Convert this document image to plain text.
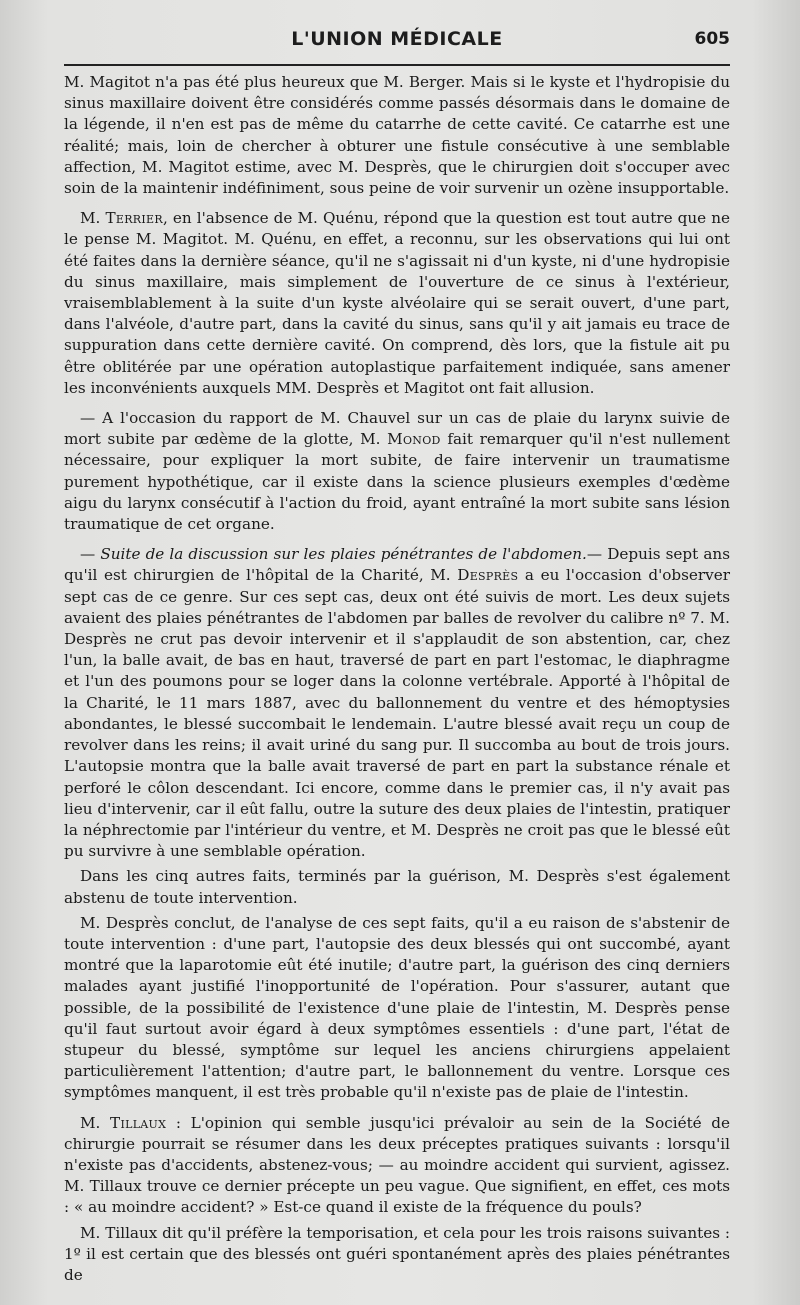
L'UNION MÉDICALE	605

M. Magitot n'a pas été plus heureux que M. Berger. Mais si le kyste et l'hydropisie du sinus maxillaire doivent être considérés comme passés désormais dans le domaine de la légende, il n'en est pas de même du catarrhe de cette cavité. Ce catarrhe est une réalité; mais, loin de chercher à obturer une fistule consécutive à une semblable affection, M. Magitot estime, avec M. Desprès, que le chirurgien doit s'occuper avec soin de la maintenir indéfiniment, sous peine de voir survenir un ozène insupportable.

M. Terrier, en l'absence de M. Quénu, répond que la question est tout autre que ne le pense M. Magitot. M. Quénu, en effet, a reconnu, sur les observations qui lui ont été faites dans la dernière séance, qu'il ne s'agissait ni d'un kyste, ni d'une hydropisie du sinus maxillaire, mais simplement de l'ouverture de ce sinus à l'extérieur, vraisemblablement à la suite d'un kyste alvéolaire qui se serait ouvert, d'une part, dans l'alvéole, d'autre part, dans la cavité du sinus, sans qu'il y ait jamais eu trace de suppuration dans cette dernière cavité. On comprend, dès lors, que la fistule ait pu être oblitérée par une opération autoplastique parfaitement indiquée, sans amener les inconvénients auxquels MM. Desprès et Magitot ont fait allusion.

— A l'occasion du rapport de M. Chauvel sur un cas de plaie du larynx suivie de mort subite par œdème de la glotte, M. Monod fait remarquer qu'il n'est nullement nécessaire, pour expliquer la mort subite, de faire intervenir un traumatisme purement hypothétique, car il existe dans la science plusieurs exemples d'œdème aigu du larynx consécutif à l'action du froid, ayant entraîné la mort subite sans lésion traumatique de cet organe.

— Suite de la discussion sur les plaies pénétrantes de l'abdomen.— Depuis sept ans qu'il est chirurgien de l'hôpital de la Charité, M. Desprès a eu l'occasion d'observer sept cas de ce genre. Sur ces sept cas, deux ont été suivis de mort. Les deux sujets avaient des plaies pénétrantes de l'abdomen par balles de revolver du calibre nº 7. M. Desprès ne crut pas devoir intervenir et il s'applaudit de son abstention, car, chez l'un, la balle avait, de bas en haut, traversé de part en part l'estomac, le diaphragme et l'un des poumons pour se loger dans la colonne vertébrale. Apporté à l'hôpital de la Charité, le 11 mars 1887, avec du ballonnement du ventre et des hémoptysies abondantes, le blessé succombait le lendemain. L'autre blessé avait reçu un coup de revolver dans les reins; il avait uriné du sang pur. Il succomba au bout de trois jours. L'autopsie montra que la balle avait traversé de part en part la substance rénale et perforé le côlon descendant. Ici encore, comme dans le premier cas, il n'y avait pas lieu d'intervenir, car il eût fallu, outre la suture des deux plaies de l'intestin, pratiquer la néphrectomie par l'intérieur du ventre, et M. Desprès ne croit pas que le blessé eût pu survivre à une semblable opération.

Dans les cinq autres faits, terminés par la guérison, M. Desprès s'est également abstenu de toute intervention.

M. Desprès conclut, de l'analyse de ces sept faits, qu'il a eu raison de s'abstenir de toute intervention : d'une part, l'autopsie des deux blessés qui ont succombé, ayant montré que la laparotomie eût été inutile; d'autre part, la guérison des cinq derniers malades ayant justifié l'inopportunité de l'opération. Pour s'assurer, autant que possible, de la possibilité de l'existence d'une plaie de l'intestin, M. Desprès pense qu'il faut surtout avoir égard à deux symptômes essentiels : d'une part, l'état de stupeur du blessé, symptôme sur lequel les anciens chirurgiens appelaient particulièrement l'attention; d'autre part, le ballonnement du ventre. Lorsque ces symptômes manquent, il est très probable qu'il n'existe pas de plaie de l'intestin.

M. Tillaux : L'opinion qui semble jusqu'ici prévaloir au sein de la Société de chirurgie pourrait se résumer dans les deux préceptes pratiques suivants : lorsqu'il n'existe pas d'accidents, abstenez-vous; — au moindre accident qui survient, agissez. M. Tillaux trouve ce dernier précepte un peu vague. Que signifient, en effet, ces mots : « au moindre accident? » Est-ce quand il existe de la fréquence du pouls?

M. Tillaux dit qu'il préfère la temporisation, et cela pour les trois raisons suivantes : 1º il est certain que des blessés ont guéri spontanément après des plaies pénétrantes de
